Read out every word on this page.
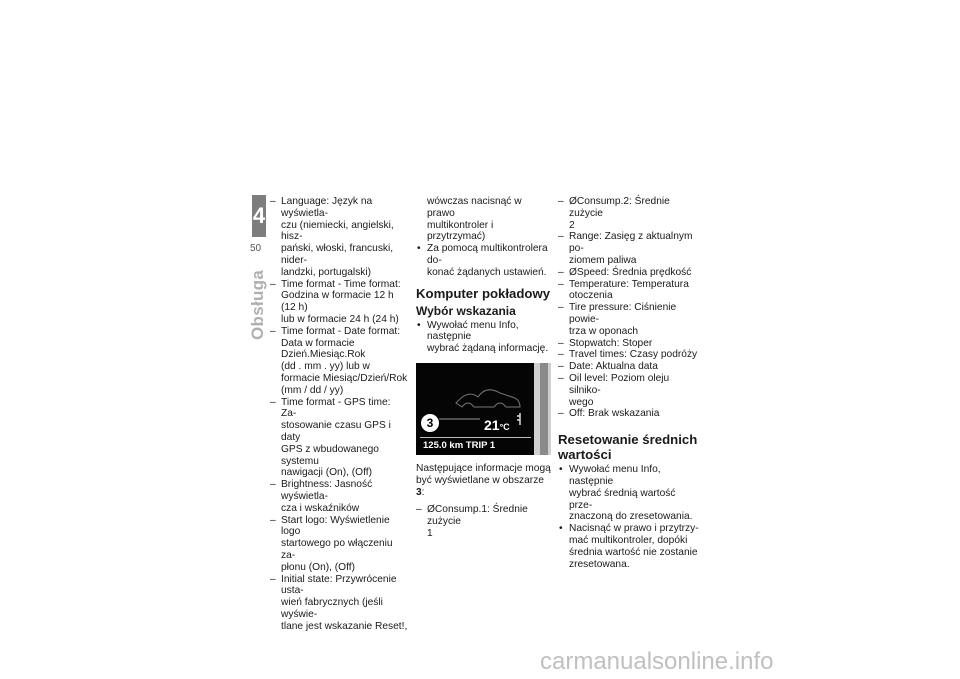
4
50
Obsługa
– Language: Język na wyświetla-
czu (niemiecki, angielski, hisz-
pański, włoski, francuski, nider-
landzki, portugalski)
– Time format - Time format:
Godzina w formacie 12 h (12 h)
lub w formacie 24 h (24 h)
– Time format - Date format:
Data w formacie
Dzień.Miesiąc.Rok
(dd . mm . yy) lub w
formacie Miesiąc/Dzień/Rok
(mm / dd / yy)
– Time format - GPS time: Za-
stosowanie czasu GPS i daty
GPS z wbudowanego systemu
nawigacji (On), (Off)
– Brightness: Jasność wyświetla-
cza i wskaźników
– Start logo: Wyświetlenie logo
startowego po włączeniu za-
płonu (On), (Off)
– Initial state: Przywrócenie usta-
wień fabrycznych (jeśli wyświe-
tlane jest wskazanie Reset!,
wówczas nacisnąć w prawo
multikontroler i przytrzymać)
• Za pomocą multikontrolera do-
konać żądanych ustawień.
Komputer pokładowy
Wybór wskazania
• Wywołać menu Info, następnie
wybrać żądaną informację.
21°C
125.0 km TRIP 1
3
Następujące informacje mogą
być wyświetlane w obszarze 3:
– ØConsump.1: Średnie zużycie
1
– ØConsump.2: Średnie zużycie
2
– Range: Zasięg z aktualnym po-
ziomem paliwa
– ØSpeed: Średnia prędkość
– Temperature: Temperatura
otoczenia
– Tire pressure: Ciśnienie powie-
trza w oponach
– Stopwatch: Stoper
– Travel times: Czasy podróży
– Date: Aktualna data
– Oil level: Poziom oleju silniko-
wego
– Off: Brak wskazania
Resetowanie średnich
wartości
• Wywołać menu Info, następnie
wybrać średnią wartość prze-
znaczoną do zresetowania.
• Nacisnąć w prawo i przytrzy-
mać multikontroler, dopóki
średnia wartość nie zostanie
zresetowana.
carmanualsonline.info
